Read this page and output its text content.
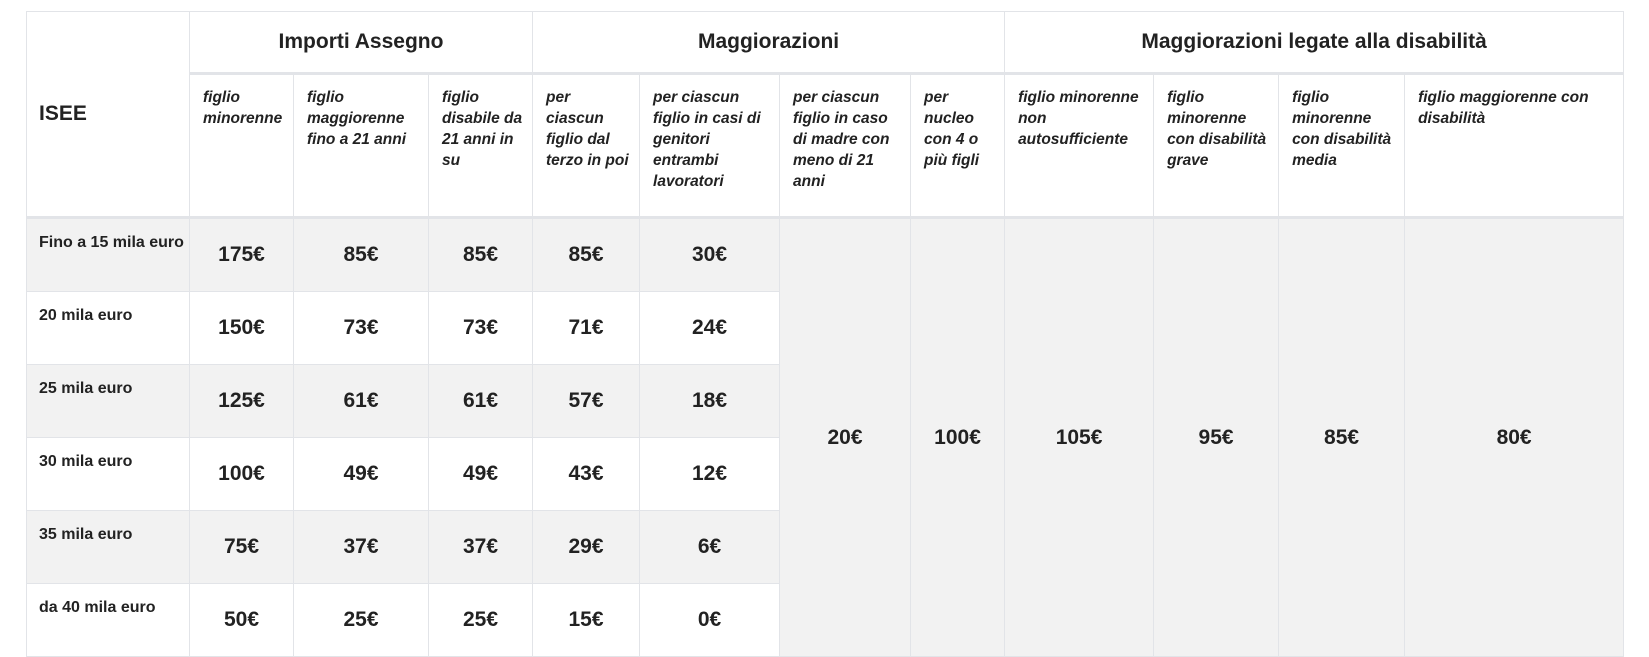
ISEE	Importi Assegno			Maggiorazioni				Maggiorazioni legate alla disabilità			
	figlio minorenne	figlio maggiorenne fino a 21 anni	figlio disabile da 21 anni in su	per ciascun figlio dal terzo in poi	per ciascun figlio in casi di genitori entrambi lavoratori	per ciascun figlio in caso di madre con meno di 21 anni	per nucleo con 4 o più figli	figlio minorenne non autosufficiente	figlio minorenne con disabilità grave	figlio minorenne con disabilità media	figlio maggiorenne con disabilità
Fino a 15 mila euro	175€	85€	85€	85€	30€	20€	100€	105€	95€	85€	80€
20 mila euro	150€	73€	73€	71€	24€						
25 mila euro	125€	61€	61€	57€	18€						
30 mila euro	100€	49€	49€	43€	12€						
35 mila euro	75€	37€	37€	29€	6€						
da 40 mila euro	50€	25€	25€	15€	0€						
